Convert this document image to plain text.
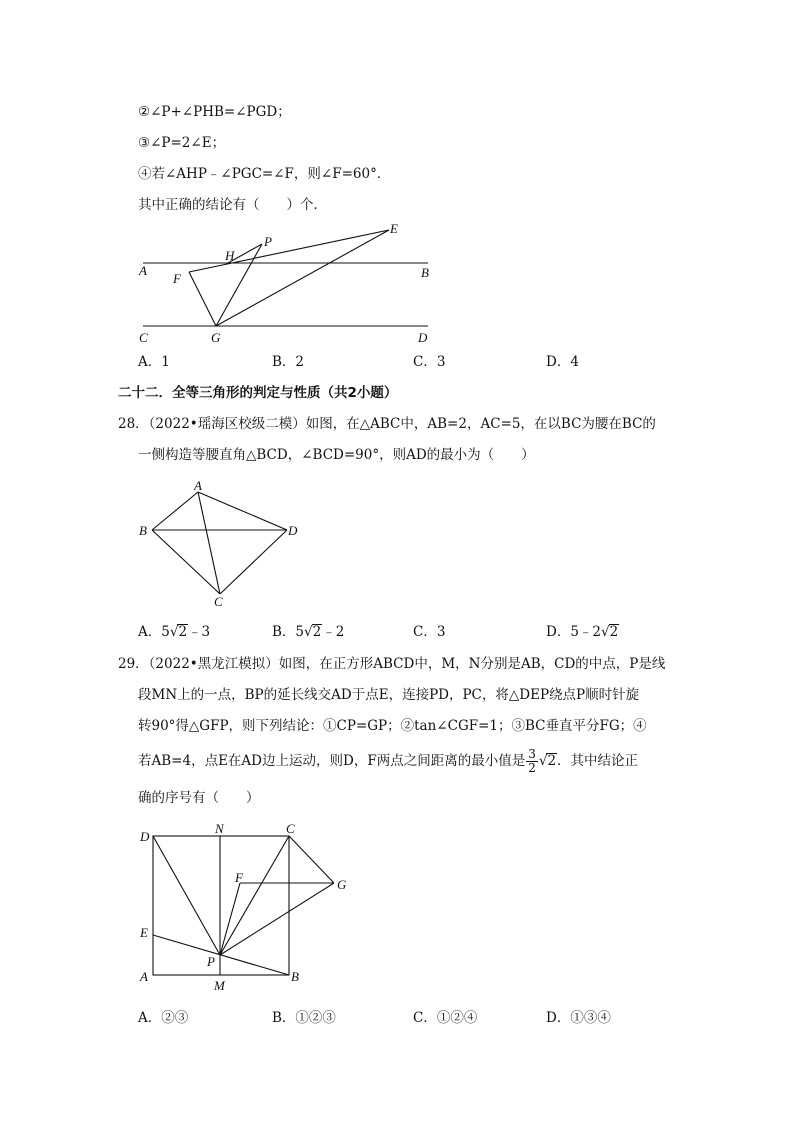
②∠P+∠PHB=∠PGD；
③∠P=2∠E；
④若∠AHP﹣∠PGC=∠F，则∠F=60°．
其中正确的结论有（　　）个．
A	B
C	D
E
F
G
H
P
A．1	B．2	C．3	D．4
二十二．全等三角形的判定与性质（共2小题）
28．（2022•瑶海区校级二模）如图，在△ABC中，AB=2，AC=5，在以BC为腰在BC的
一侧构造等腰直角△BCD，∠BCD=90°，则AD的最小为（　　）
A
B
C
D
A．5√2﹣3	B．5√2﹣2	C．3	D．5﹣2√2
29．（2022•黑龙江模拟）如图，在正方形ABCD中，M，N分别是AB，CD的中点，P是线
段MN上的一点，BP的延长线交AD于点E，连接PD，PC，将△DEP绕点P顺时针旋
转90°得△GFP，则下列结论：①CP=GP；②tan∠CGF=1；③BC垂直平分FG；④
若AB=4，点E在AD边上运动，则D，F两点之间距离的最小值是 $\frac{3}{2} √2$．其中结论正
确的序号有（　　）
D
N	C
F	G
E
P
A	B
M
A．②③	B．①②③	C．①②④	D．①③④
